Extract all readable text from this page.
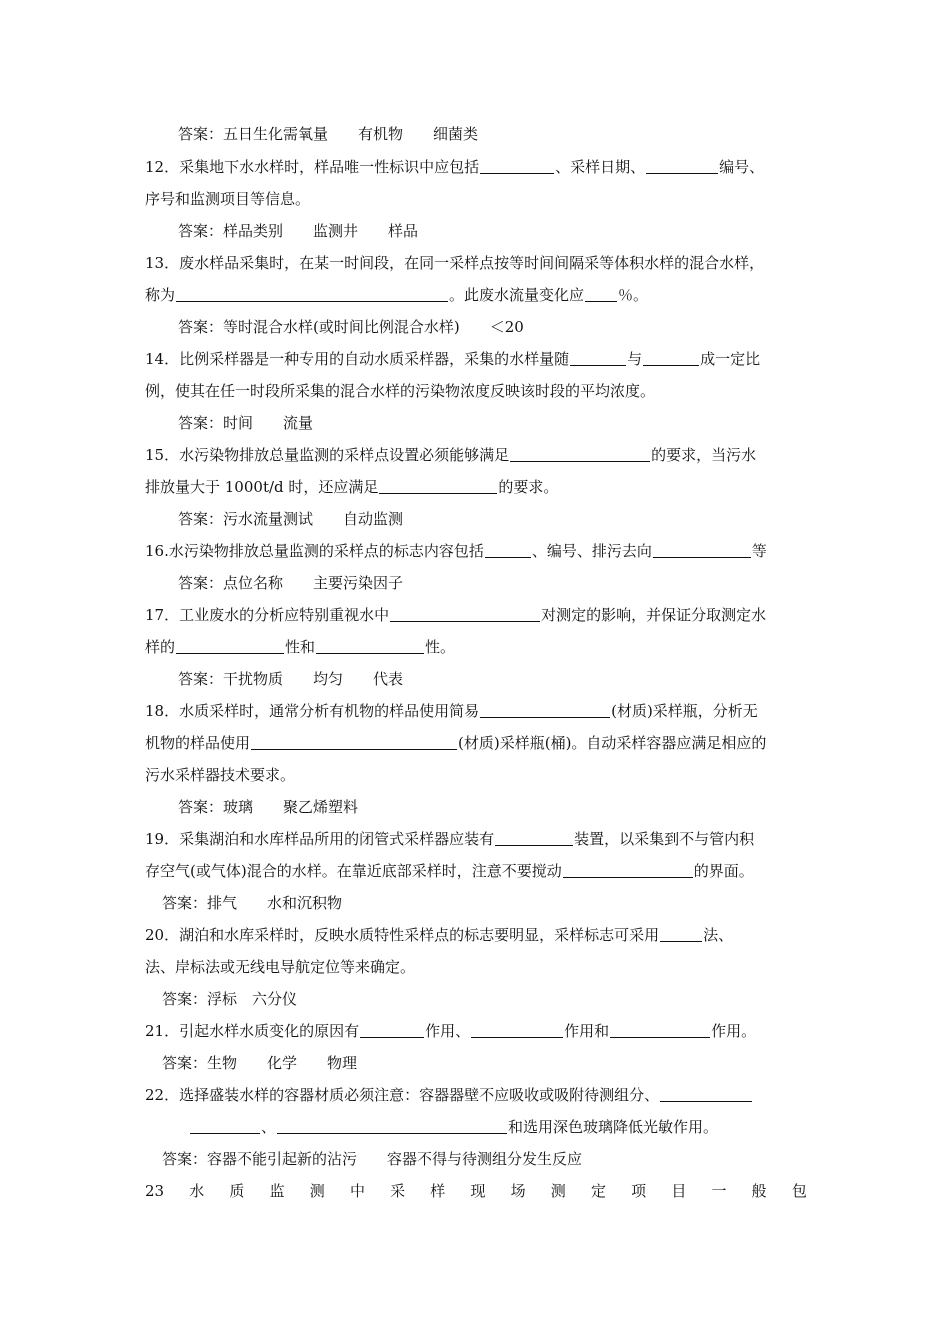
答案：五日生化需氧量　　有机物　　细菌类
12．采集地下水水样时，样品唯一性标识中应包括	、采样日期、	编号、
序号和监测项目等信息。
答案：样品类别　　监测井　　样品
13．废水样品采集时，在某一时间段，在同一采样点按等时间间隔采等体积水样的混合水样，
称为	。此废水流量变化应 ％。
答案：等时混合水样(或时间比例混合水样)　　＜20
14．比例采样器是一种专用的自动水质采样器，采集的水样量随	与	成一定比
例，使其在任一时段所采集的混合水样的污染物浓度反映该时段的平均浓度。
答案：时间　　流量
15．水污染物排放总量监测的采样点设置必须能够满足	的要求，当污水
排放量大于 1000t/d 时，还应满足	的要求。
答案：污水流量测试　　自动监测
16.水污染物排放总量监测的采样点的标志内容包括	、编号、排污去向	等
答案：点位名称　　主要污染因子
17．工业废水的分析应特别重视水中	对测定的影响，并保证分取测定水
样的	性和	性。
答案：干扰物质　　均匀　　代表
18．水质采样时，通常分析有机物的样品使用简易	(材质)采样瓶，分析无
机物的样品使用	(材质)采样瓶(桶)。自动采样容器应满足相应的
污水采样器技术要求。
答案：玻璃　　聚乙烯塑料
19．采集湖泊和水库样品所用的闭管式采样器应装有	装置，以采集到不与管内积
存空气(或气体)混合的水样。在靠近底部采样时，注意不要搅动	的界面。
答案：排气　　水和沉积物
20．湖泊和水库采样时，反映水质特性采样点的标志要明显，采样标志可采用	法、
法、岸标法或无线电导航定位等来确定。
答案：浮标　六分仪
21．引起水样水质变化的原因有	作用、	作用和	作用。
答案：生物　　化学　　物理
22．选择盛装水样的容器材质必须注意：容器器壁不应吸收或吸附待测组分、
、	和选用深色玻璃降低光敏作用。
答案：容器不能引起新的沾污　　容器不得与待测组分发生反应
23 水 质 监 测 中 采 样 现 场 测 定 项 目 一 般 包
